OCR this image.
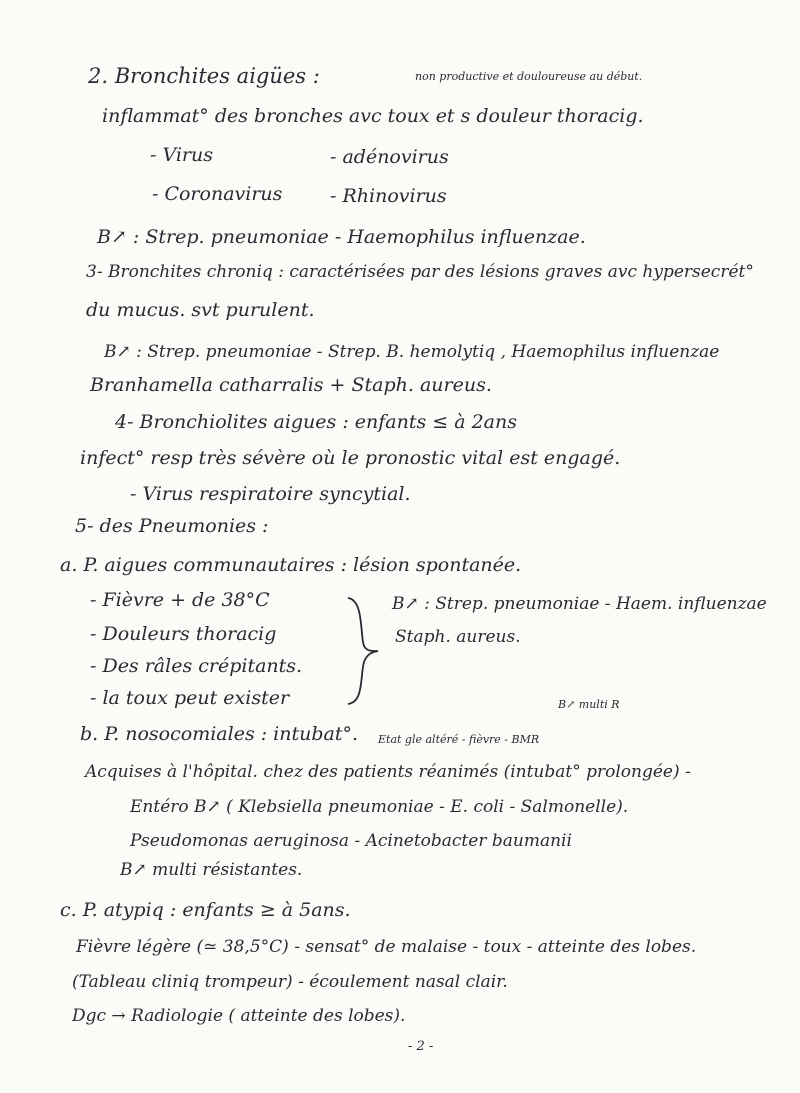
2. Bronchites aigües :	non productive et douloureuse au début.
inflammat° des bronches avc toux et s douleur thoracig.
- Virus	- adénovirus
- Coronavirus	- Rhinovirus
B↗ : Strep. pneumoniae - Haemophilus influenzae.
3- Bronchites chroniq : caractérisées par des lésions graves avc hypersecrét°
du mucus. svt purulent.
B↗ : Strep. pneumoniae - Strep. B. hemolytiq , Haemophilus influenzae
Branhamella catharralis + Staph. aureus.
4- Bronchiolites aigues : enfants ≤ à 2ans
infect° resp très sévère où le pronostic vital est engagé.
- Virus respiratoire syncytial.
5- des Pneumonies :
a. P. aigues communautaires : lésion spontanée.
- Fièvre + de 38°C
- Douleurs thoracig
- Des râles crépitants.
- la toux peut exister
B↗ : Strep. pneumoniae - Haem. influenzae
Staph. aureus.
B↗ multi R
b. P. nosocomiales : intubat°. Etat gle altéré - fièvre - BMR
Acquises à l'hôpital. chez des patients réanimés (intubat° prolongée) -
Entéro B↗ ( Klebsiella pneumoniae - E. coli - Salmonelle).
Pseudomonas aeruginosa - Acinetobacter baumanii
B↗ multi résistantes.
c. P. atypiq : enfants ≥ à 5ans.
Fièvre légère (≃ 38,5°C) - sensat° de malaise - toux - atteinte des lobes.
(Tableau cliniq trompeur) - écoulement nasal clair.
Dgc → Radiologie ( atteinte des lobes).
- 2 -
